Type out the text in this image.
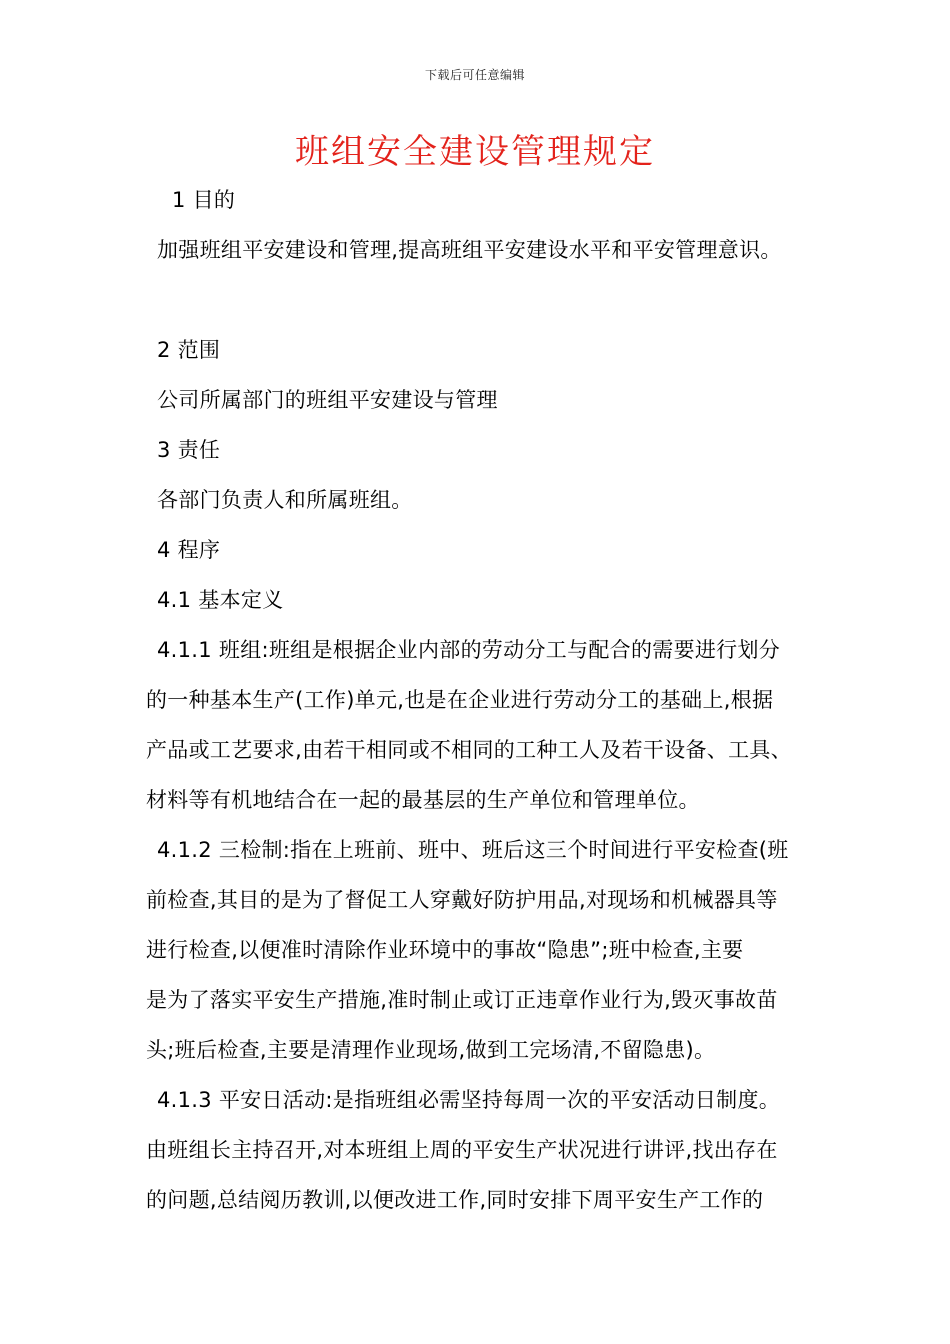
下载后可任意编辑
班组安全建设管理规定
1 目的
加强班组平安建设和管理,提高班组平安建设水平和平安管理意识。
2 范围
公司所属部门的班组平安建设与管理
3 责任
各部门负责人和所属班组。
4 程序
4.1 基本定义
4.1.1 班组:班组是根据企业内部的劳动分工与配合的需要进行划分
的一种基本生产(工作)单元,也是在企业进行劳动分工的基础上,根据
产品或工艺要求,由若干相同或不相同的工种工人及若干设备、工具、
材料等有机地结合在一起的最基层的生产单位和管理单位。
4.1.2 三检制:指在上班前、班中、班后这三个时间进行平安检查(班
前检查,其目的是为了督促工人穿戴好防护用品,对现场和机械器具等
进行检查,以便准时清除作业环境中的事故“隐患”;班中检查,主要
是为了落实平安生产措施,准时制止或订正违章作业行为,毁灭事故苗
头;班后检查,主要是清理作业现场,做到工完场清,不留隐患)。
4.1.3 平安日活动:是指班组必需坚持每周一次的平安活动日制度。
由班组长主持召开,对本班组上周的平安生产状况进行讲评,找出存在
的问题,总结阅历教训,以便改进工作,同时安排下周平安生产工作的
